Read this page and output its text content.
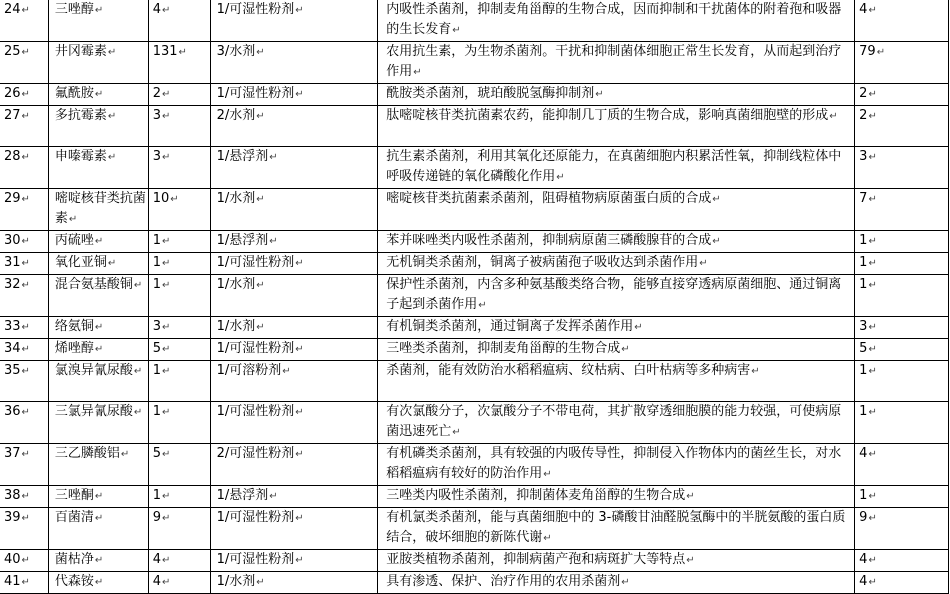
24↵	三唑醇↵	4↵	1/可湿性粉剂↵	内吸性杀菌剂，抑制麦角甾醇的生物合成，因而抑制和干扰菌体的附着孢和吸器的生长发育↵	4↵
25↵	井冈霉素↵	131↵	3/水剂↵	农用抗生素，为生物杀菌剂。干扰和抑制菌体细胞正常生长发育，从而起到治疗作用↵	79↵
26↵	氟酰胺↵	2↵	1/可湿性粉剂↵	酰胺类杀菌剂，琥珀酸脱氢酶抑制剂↵	2↵
27↵	多抗霉素↵	3↵	2/水剂↵	肽嘧啶核苷类抗菌素农药，能抑制几丁质的生物合成，影响真菌细胞壁的形成↵	2↵
28↵	申嗪霉素↵	3↵	1/悬浮剂↵	抗生素杀菌剂，利用其氧化还原能力，在真菌细胞内积累活性氧，抑制线粒体中呼吸传递链的氧化磷酸化作用↵	3↵
29↵	嘧啶核苷类抗菌素↵	10↵	1/水剂↵	嘧啶核苷类抗菌素杀菌剂，阻碍植物病原菌蛋白质的合成↵	7↵
30↵	丙硫唑↵	1↵	1/悬浮剂↵	苯并咪唑类内吸性杀菌剂，抑制病原菌三磷酸腺苷的合成↵	1↵
31↵	氧化亚铜↵	1↵	1/可湿性粉剂↵	无机铜类杀菌剂，铜离子被病菌孢子吸收达到杀菌作用↵	1↵
32↵	混合氨基酸铜↵	1↵	1/水剂↵	保护性杀菌剂，内含多种氨基酸类络合物，能够直接穿透病原菌细胞、通过铜离子起到杀菌作用↵	1↵
33↵	络氨铜↵	3↵	1/水剂↵	有机铜类杀菌剂，通过铜离子发挥杀菌作用↵	3↵
34↵	烯唑醇↵	5↵	1/可湿性粉剂↵	三唑类杀菌剂，抑制麦角甾醇的生物合成↵	5↵
35↵	氯溴异氰尿酸↵	1↵	1/可溶粉剂↵	杀菌剂，能有效防治水稻稻瘟病、纹枯病、白叶枯病等多种病害↵	1↵
36↵	三氯异氰尿酸↵	1↵	1/可湿性粉剂↵	有次氯酸分子，次氯酸分子不带电荷，其扩散穿透细胞膜的能力较强，可使病原菌迅速死亡↵	1↵
37↵	三乙膦酸铝↵	5↵	2/可湿性粉剂↵	有机磷类杀菌剂，具有较强的内吸传导性，抑制侵入作物体内的菌丝生长，对水稻稻瘟病有较好的防治作用↵	4↵
38↵	三唑酮↵	1↵	1/悬浮剂↵	三唑类内吸性杀菌剂，抑制菌体麦角甾醇的生物合成↵	1↵
39↵	百菌清↵	9↵	1/可湿性粉剂↵	有机氯类杀菌剂，能与真菌细胞中的 3-磷酸甘油醛脱氢酶中的半胱氨酸的蛋白质结合，破坏细胞的新陈代谢↵	9↵
40↵	菌枯净↵	4↵	1/可湿性粉剂↵	亚胺类植物杀菌剂，抑制病菌产孢和病斑扩大等特点↵	4↵
41↵	代森铵↵	4↵	1/水剂↵	具有渗透、保护、治疗作用的农用杀菌剂↵	4↵
